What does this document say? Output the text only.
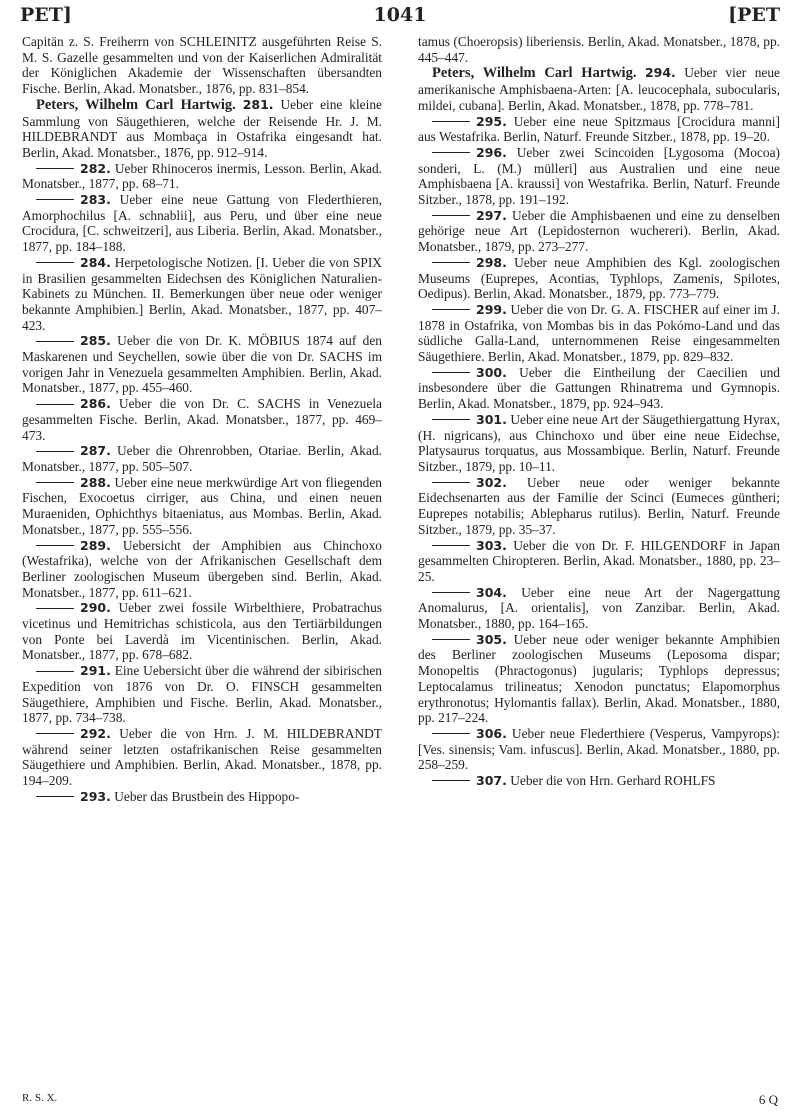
PET]	1041	[PET

Capitän z. S. Freiherrn von SCHLEINITZ ausgeführten Reise S. M. S. Gazelle gesammelten und von der Kaiserlichen Admiralität der Königlichen Akademie der Wissenschaften übersandten Fische. Berlin, Akad. Monatsber., 1876, pp. 831–854.

Peters, Wilhelm Carl Hartwig. 281. Ueber eine kleine Sammlung von Säugethieren, welche der Reisende Hr. J. M. HILDEBRANDT aus Mombaça in Ostafrika eingesandt hat. Berlin, Akad. Monatsber., 1876, pp. 912–914.

282. Ueber Rhinoceros inermis, Lesson. Berlin, Akad. Monatsber., 1877, pp. 68–71.

283. Ueber eine neue Gattung von Flederthieren, Amorphochilus [A. schnablii], aus Peru, und über eine neue Crocidura, [C. schweitzeri], aus Liberia. Berlin, Akad. Monatsber., 1877, pp. 184–188.

284. Herpetologische Notizen. [I. Ueber die von SPIX in Brasilien gesammelten Eidechsen des Königlichen Naturalien-Kabinets zu München. II. Bemerkungen über neue oder weniger bekannte Amphibien.] Berlin, Akad. Monatsber., 1877, pp. 407–423.

285. Ueber die von Dr. K. MÖBIUS 1874 auf den Maskarenen und Seychellen, sowie über die von Dr. SACHS im vorigen Jahr in Venezuela gesammelten Amphibien. Berlin, Akad. Monatsber., 1877, pp. 455–460.

286. Ueber die von Dr. C. SACHS in Venezuela gesammelten Fische. Berlin, Akad. Monatsber., 1877, pp. 469–473.

287. Ueber die Ohrenrobben, Otariae. Berlin, Akad. Monatsber., 1877, pp. 505–507.

288. Ueber eine neue merkwürdige Art von fliegenden Fischen, Exocoetus cirriger, aus China, und einen neuen Muraeniden, Ophichthys bitaeniatus, aus Mombas. Berlin, Akad. Monatsber., 1877, pp. 555–556.

289. Uebersicht der Amphibien aus Chinchoxo (Westafrika), welche von der Afrikanischen Gesellschaft dem Berliner zoologischen Museum übergeben sind. Berlin, Akad. Monatsber., 1877, pp. 611–621.

290. Ueber zwei fossile Wirbelthiere, Probatrachus vicetinus und Hemitrichas schisticola, aus den Tertiärbildungen von Ponte bei Laverdà im Vicentinischen. Berlin, Akad. Monatsber., 1877, pp. 678–682.

291. Eine Uebersicht über die während der sibirischen Expedition von 1876 von Dr. O. FINSCH gesammelten Säugethiere, Amphibien und Fische. Berlin, Akad. Monatsber., 1877, pp. 734–738.

292. Ueber die von Hrn. J. M. HILDEBRANDT während seiner letzten ostafrikanischen Reise gesammelten Säugethiere und Amphibien. Berlin, Akad. Monatsber., 1878, pp. 194–209.

293. Ueber das Brustbein des Hippopo-

tamus (Choeropsis) liberiensis. Berlin, Akad. Monatsber., 1878, pp. 445–447.

Peters, Wilhelm Carl Hartwig. 294. Ueber vier neue amerikanische Amphisbaena-Arten: [A. leucocephala, subocularis, mildei, cubana]. Berlin, Akad. Monatsber., 1878, pp. 778–781.

295. Ueber eine neue Spitzmaus [Crocidura manni] aus Westafrika. Berlin, Naturf. Freunde Sitzber., 1878, pp. 19–20.

296. Ueber zwei Scincoiden [Lygosoma (Mocoa) sonderi, L. (M.) mülleri] aus Australien und eine neue Amphisbaena [A. kraussi] von Westafrika. Berlin, Naturf. Freunde Sitzber., 1878, pp. 191–192.

297. Ueber die Amphisbaenen und eine zu denselben gehörige neue Art (Lepidosternon wuchereri). Berlin, Akad. Monatsber., 1879, pp. 273–277.

298. Ueber neue Amphibien des Kgl. zoologischen Museums (Euprepes, Acontias, Typhlops, Zamenis, Spilotes, Oedipus). Berlin, Akad. Monatsber., 1879, pp. 773–779.

299. Ueber die von Dr. G. A. FISCHER auf einer im J. 1878 in Ostafrika, von Mombas bis in das Pokómo-Land und das südliche Galla-Land, unternommenen Reise eingesammelten Säugethiere. Berlin, Akad. Monatsber., 1879, pp. 829–832.

300. Ueber die Eintheilung der Caecilien und insbesondere über die Gattungen Rhinatrema und Gymnopis. Berlin, Akad. Monatsber., 1879, pp. 924–943.

301. Ueber eine neue Art der Säugethiergattung Hyrax, (H. nigricans), aus Chinchoxo und über eine neue Eidechse, Platysaurus torquatus, aus Mossambique. Berlin, Naturf. Freunde Sitzber., 1879, pp. 10–11.

302. Ueber neue oder weniger bekannte Eidechsenarten aus der Familie der Scinci (Eumeces güntheri; Euprepes notabilis; Ablepharus rutilus). Berlin, Naturf. Freunde Sitzber., 1879, pp. 35–37.

303. Ueber die von Dr. F. HILGENDORF in Japan gesammelten Chiropteren. Berlin, Akad. Monatsber., 1880, pp. 23–25.

304. Ueber eine neue Art der Nagergattung Anomalurus, [A. orientalis], von Zanzibar. Berlin, Akad. Monatsber., 1880, pp. 164–165.

305. Ueber neue oder weniger bekannte Amphibien des Berliner zoologischen Museums (Leposoma dispar; Monopeltis (Phractogonus) jugularis; Typhlops depressus; Leptocalamus trilineatus; Xenodon punctatus; Elapomorphus erythronotus; Hylomantis fallax). Berlin, Akad. Monatsber., 1880, pp. 217–224.

306. Ueber neue Flederthiere (Vesperus, Vampyrops): [Ves. sinensis; Vam. infuscus]. Berlin, Akad. Monatsber., 1880, pp. 258–259.

307. Ueber die von Hrn. Gerhard ROHLFS

R. S. X.	6 Q
